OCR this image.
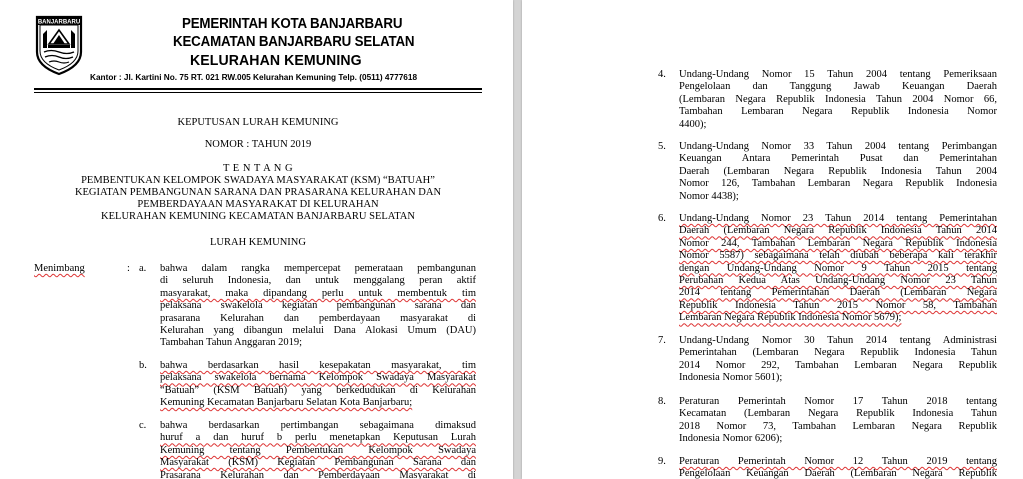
BANJARBARU	PEMERINTAH KOTA BANJARBARU
KECAMATAN BANJARBARU SELATAN
KELURAHAN KEMUNING
Kantor : Jl. Kartini No. 75 RT. 021 RW.005 Kelurahan Kemuning Telp. (0511) 4777618
KEPUTUSAN LURAH KEMUNING
NOMOR : TAHUN 2019
T E N T A N G
PEMBENTUKAN KELOMPOK SWADAYA MASYARAKAT (KSM) “BATUAH”
KEGIATAN PEMBANGUNAN SARANA DAN PRASARANA KELURAHAN DAN
PEMBERDAYAAN MASYARAKAT DI KELURAHAN
KELURAHAN KEMUNING KECAMATAN BANJARBARU SELATAN
LURAH KEMUNING
Menimbang	: a. bahwa dalam rangka mempercepat pemerataan pembangunan
di seluruh Indonesia, dan untuk menggalang peran aktif
masyarakat, maka dipandang perlu untuk membentuk tim
pelaksana swakelola kegiatan pembangunan sarana dan
prasarana Kelurahan dan pemberdayaan masyarakat di
Kelurahan yang dibangun melalui Dana Alokasi Umum (DAU)
Tambahan Tahun Anggaran 2019;
b. bahwa berdasarkan hasil kesepakatan masyarakat, tim
pelaksana swakelola bernama Kelompok Swadaya Masyarakat
“Batuah” (KSM Batuah) yang berkedudukan di Kelurahan
Kemuning Kecamatan Banjarbaru Selatan Kota Banjarbaru;
c. bahwa berdasarkan pertimbangan sebagaimana dimaksud
huruf a dan huruf b perlu menetapkan Keputusan Lurah
Kemuning tentang Pembentukan Kelompok Swadaya
Masyarakat (KSM) Kegiatan Pembangunan Sarana dan
Prasarana Kelurahan dan Pemberdayaan Masyarakat di
4. Undang-Undang Nomor 15 Tahun 2004 tentang Pemeriksaan
Pengelolaan dan Tanggung Jawab Keuangan Daerah
(Lembaran Negara Republik Indonesia Tahun 2004 Nomor 66,
Tambahan Lembaran Negara Republik Indonesia Nomor
4400);
5. Undang-Undang Nomor 33 Tahun 2004 tentang Perimbangan
Keuangan Antara Pemerintah Pusat dan Pemerintahan
Daerah (Lembaran Negara Republik Indonesia Tahun 2004
Nomor 126, Tambahan Lembaran Negara Republik Indonesia
Nomor 4438);
6. Undang-Undang Nomor 23 Tahun 2014 tentang Pemerintahan
Daerah (Lembaran Negara Republik Indonesia Tahun 2014
Nomor 244, Tambahan Lembaran Negara Republik Indonesia
Nomor 5587) sebagaimana telah diubah beberapa kali terakhir
dengan Undang-Undang Nomor 9 Tahun 2015 tentang
Perubahan Kedua Atas Undang-Undang Nomor 23 Tahun
2014 tentang Pemerintahan Daerah (Lembaran Negara
Republik Indonesia Tahun 2015 Nomor 58, Tambahan
Lembaran Negara Republik Indonesia Nomor 5679);
7. Undang-Undang Nomor 30 Tahun 2014 tentang Administrasi
Pemerintahan (Lembaran Negara Republik Indonesia Tahun
2014 Nomor 292, Tambahan Lembaran Negara Republik
Indonesia Nomor 5601);
8. Peraturan Pemerintah Nomor 17 Tahun 2018 tentang
Kecamatan (Lembaran Negara Republik Indonesia Tahun
2018 Nomor 73, Tambahan Lembaran Negara Republik
Indonesia Nomor 6206);
9. Peraturan Pemerintah Nomor 12 Tahun 2019 tentang
Pengelolaan Keuangan Daerah (Lembaran Negara Republik
